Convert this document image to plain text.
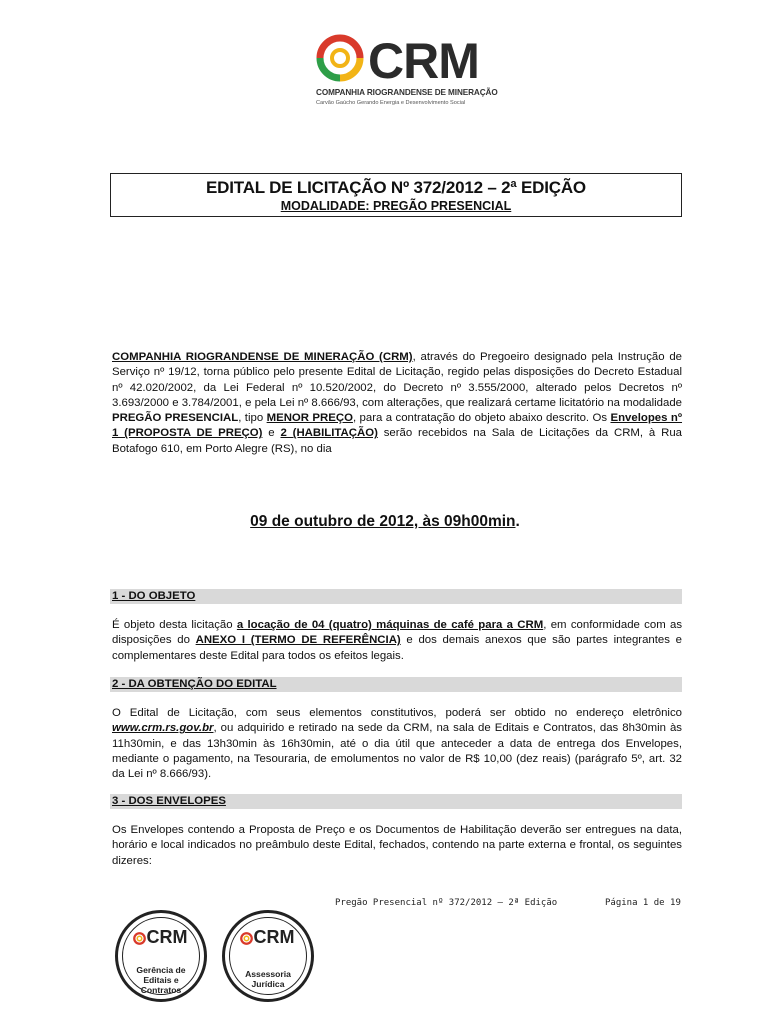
CRM
COMPANHIA RIOGRANDENSE DE MINERAÇÃO
Carvão Gaúcho Gerando Energia e Desenvolvimento Social
EDITAL DE LICITAÇÃO Nº 372/2012 – 2ª EDIÇÃO
MODALIDADE: PREGÃO PRESENCIAL

COMPANHIA RIOGRANDENSE DE MINERAÇÃO (CRM), através do Pregoeiro designado pela Instrução de Serviço nº 19/12, torna público pelo presente Edital de Licitação, regido pelas disposições do Decreto Estadual nº 42.020/2002, da Lei Federal nº 10.520/2002, do Decreto nº 3.555/2000, alterado pelos Decretos nº 3.693/2000 e 3.784/2001, e pela Lei nº 8.666/93, com alterações, que realizará certame licitatório na modalidade PREGÃO PRESENCIAL, tipo MENOR PREÇO, para a contratação do objeto abaixo descrito. Os Envelopes nº 1 (PROPOSTA DE PREÇO) e 2 (HABILITAÇÃO) serão recebidos na Sala de Licitações da CRM, à Rua Botafogo 610, em Porto Alegre (RS), no dia

09 de outubro de 2012, às 09h00min.
1 - DO OBJETO

É objeto desta licitação a locação de 04 (quatro) máquinas de café para a CRM, em conformidade com as disposições do ANEXO I (TERMO DE REFERÊNCIA) e dos demais anexos que são partes integrantes e complementares deste Edital para todos os efeitos legais.

2 - DA OBTENÇÃO DO EDITAL

O Edital de Licitação, com seus elementos constitutivos, poderá ser obtido no endereço eletrônico www.crm.rs.gov.br, ou adquirido e retirado na sede da CRM, na sala de Editais e Contratos, das 8h30min às 11h30min, e das 13h30min às 16h30min, até o dia útil que anteceder a data de entrega dos Envelopes, mediante o pagamento, na Tesouraria, de emolumentos no valor de R$ 10,00 (dez reais) (parágrafo 5º, art. 32 da Lei nº 8.666/93).

3 - DOS ENVELOPES

Os Envelopes contendo a Proposta de Preço e os Documentos de Habilitação deverão ser entregues na data, horário e local indicados no preâmbulo deste Edital, fechados, contendo na parte externa e frontal, os seguintes dizeres:

Pregão Presencial nº 372/2012 – 2ª Edição	Página 1 de 19
CRM
Gerência de Editais e Contratos
CRM
Assessoria Jurídica
